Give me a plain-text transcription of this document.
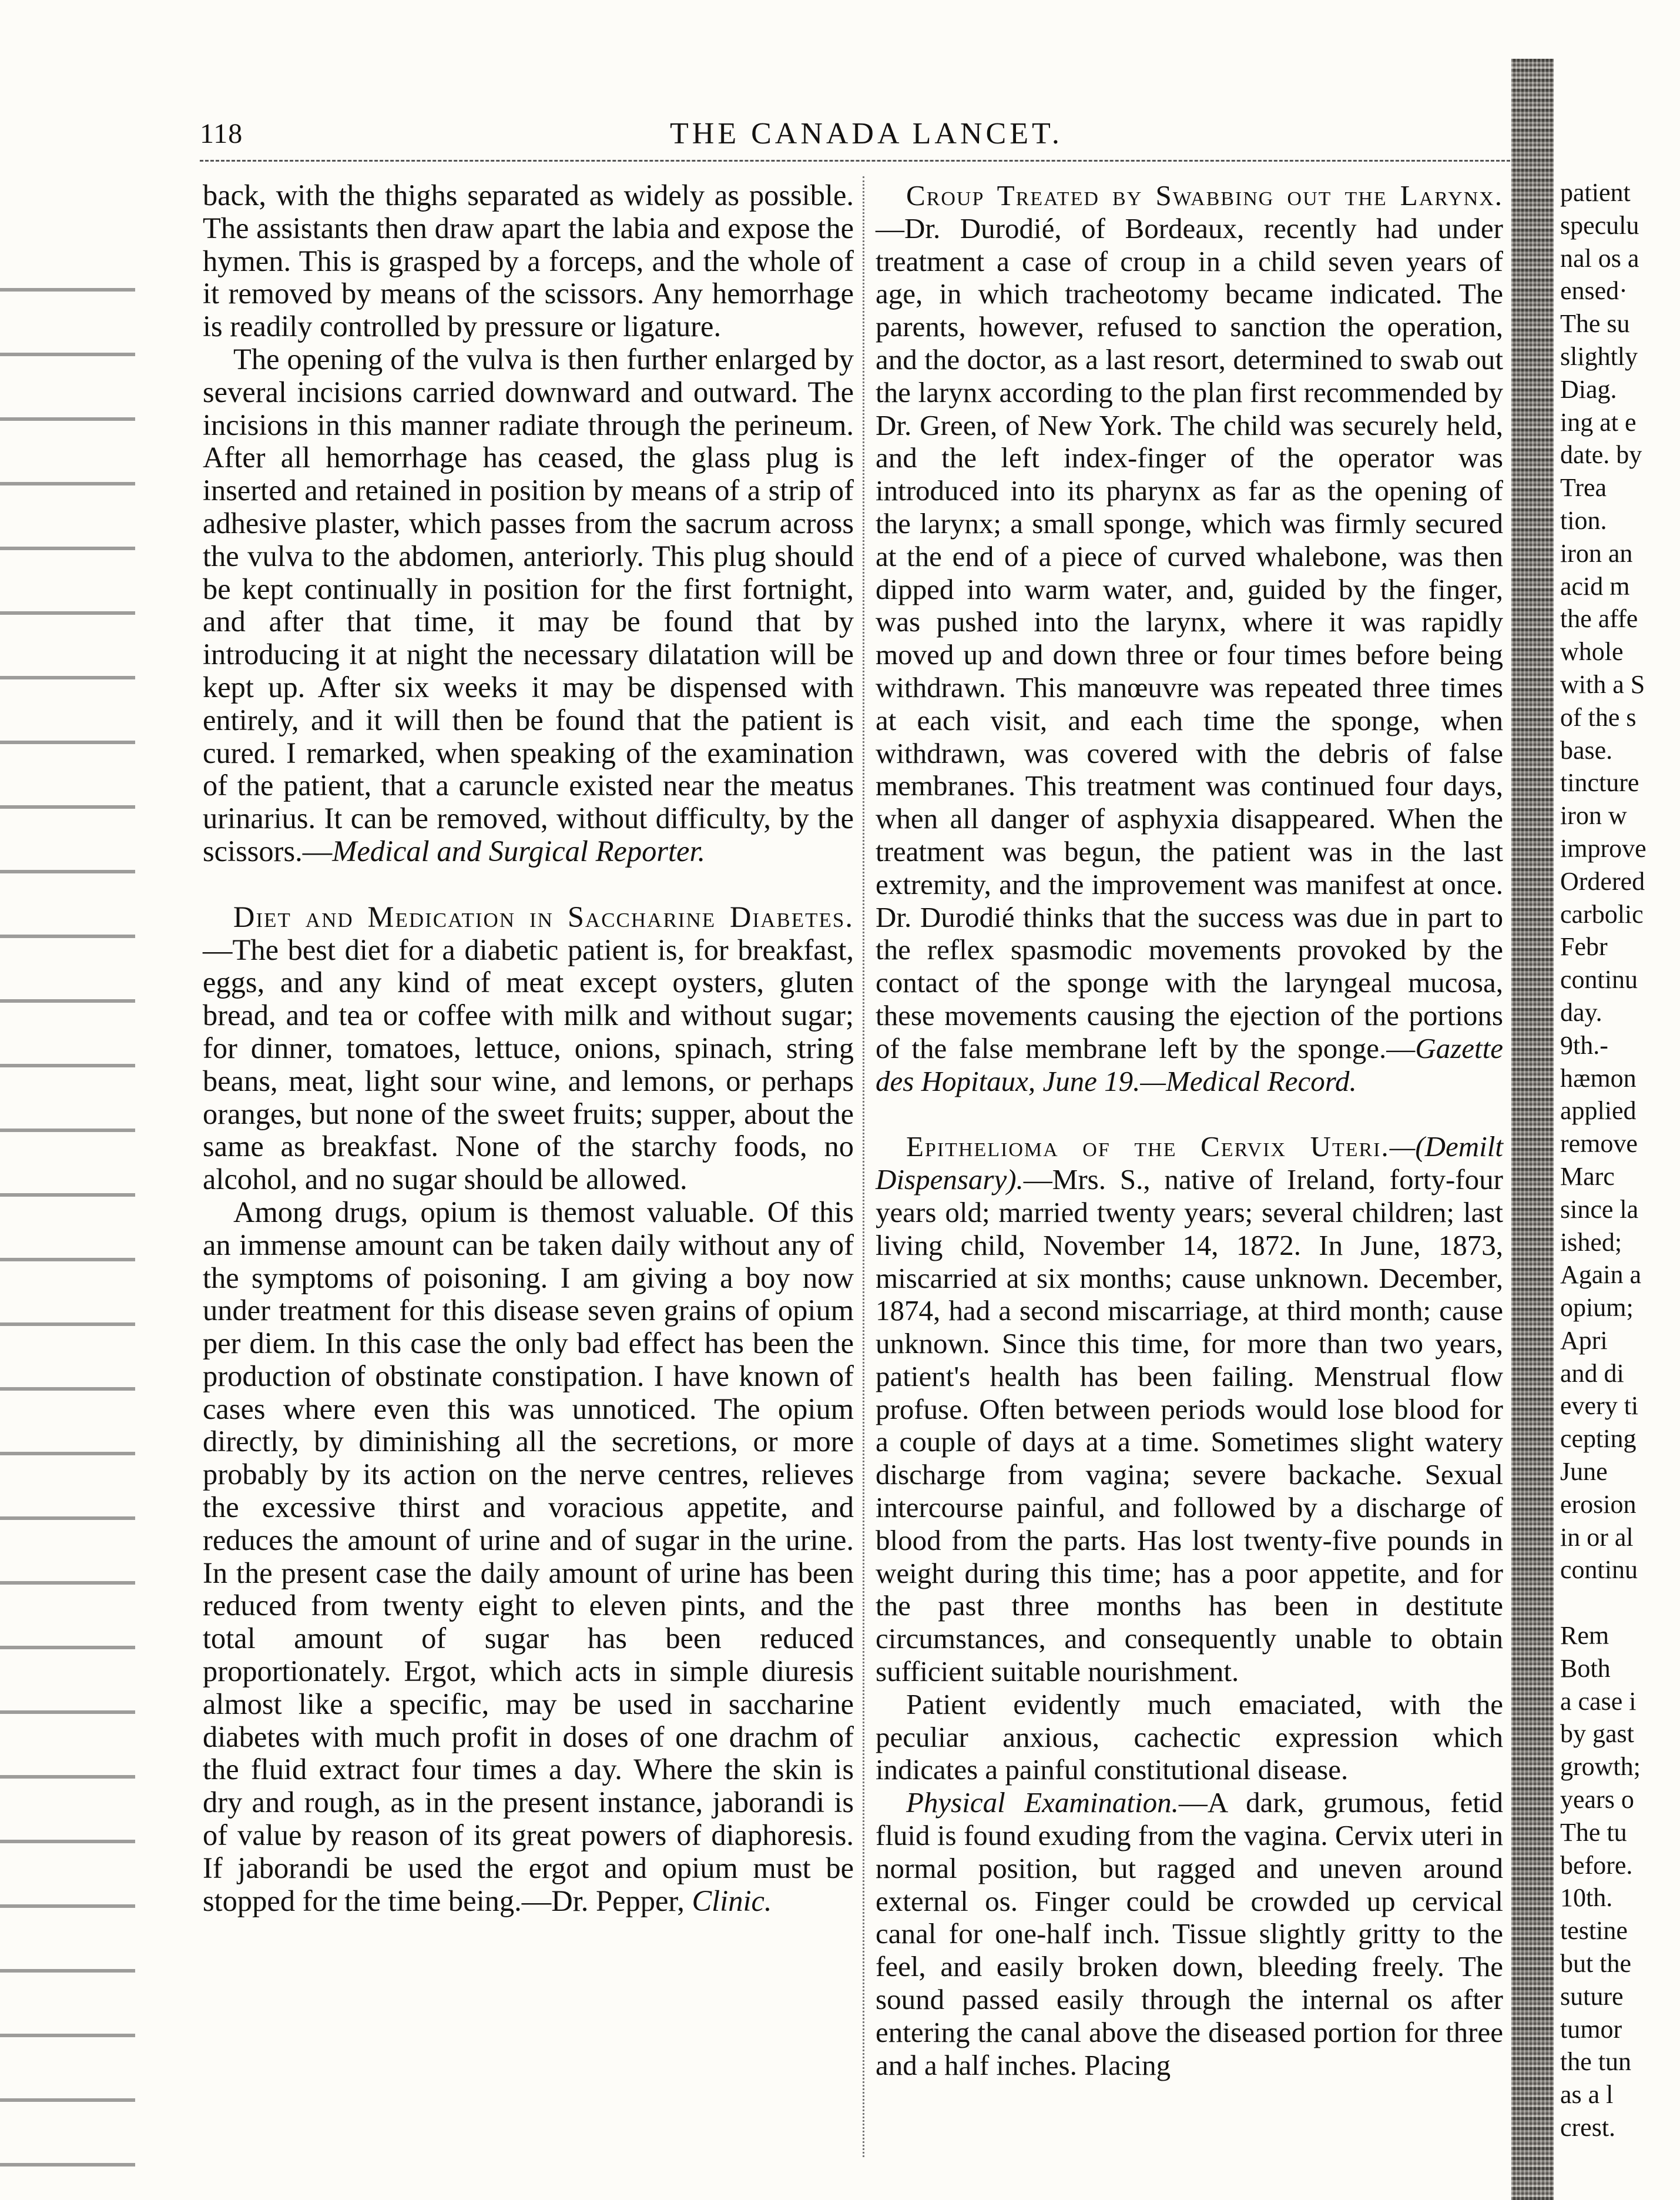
118	THE CANADA LANCET.

back, with the thighs separated as widely as possible. The assistants then draw apart the labia and expose the hymen. This is grasped by a forceps, and the whole of it removed by means of the scissors. Any hemorrhage is readily controlled by pressure or ligature.

The opening of the vulva is then further enlarged by several incisions carried downward and outward. The incisions in this manner radiate through the perineum. After all hemorrhage has ceased, the glass plug is inserted and retained in position by means of a strip of adhesive plaster, which passes from the sacrum across the vulva to the abdomen, anteriorly. This plug should be kept continually in position for the first fortnight, and after that time, it may be found that by introducing it at night the necessary dilatation will be kept up. After six weeks it may be dispensed with entirely, and it will then be found that the patient is cured. I remarked, when speaking of the examination of the patient, that a caruncle existed near the meatus urinarius. It can be removed, without difficulty, by the scissors.—Medical and Surgical Reporter.

Diet and Medication in Saccharine Diabetes.—The best diet for a diabetic patient is, for breakfast, eggs, and any kind of meat except oysters, gluten bread, and tea or coffee with milk and without sugar; for dinner, tomatoes, lettuce, onions, spinach, string beans, meat, light sour wine, and lemons, or perhaps oranges, but none of the sweet fruits; supper, about the same as breakfast. None of the starchy foods, no alcohol, and no sugar should be allowed.

Among drugs, opium is themost valuable. Of this an immense amount can be taken daily without any of the symptoms of poisoning. I am giving a boy now under treatment for this disease seven grains of opium per diem. In this case the only bad effect has been the production of obstinate constipation. I have known of cases where even this was unnoticed. The opium directly, by diminishing all the secretions, or more probably by its action on the nerve centres, relieves the excessive thirst and voracious appetite, and reduces the amount of urine and of sugar in the urine. In the present case the daily amount of urine has been reduced from twenty eight to eleven pints, and the total amount of sugar has been reduced proportionately. Ergot, which acts in simple diuresis almost like a specific, may be used in saccharine diabetes with much profit in doses of one drachm of the fluid extract four times a day. Where the skin is dry and rough, as in the present instance, jaborandi is of value by reason of its great powers of diaphoresis. If jaborandi be used the ergot and opium must be stopped for the time being.—Dr. Pepper, Clinic.

Croup Treated by Swabbing out the Larynx.—Dr. Durodié, of Bordeaux, recently had under treatment a case of croup in a child seven years of age, in which tracheotomy became indicated. The parents, however, refused to sanction the operation, and the doctor, as a last resort, determined to swab out the larynx according to the plan first recommended by Dr. Green, of New York. The child was securely held, and the left index-finger of the operator was introduced into its pharynx as far as the opening of the larynx; a small sponge, which was firmly secured at the end of a piece of curved whalebone, was then dipped into warm water, and, guided by the finger, was pushed into the larynx, where it was rapidly moved up and down three or four times before being withdrawn. This manœuvre was repeated three times at each visit, and each time the sponge, when withdrawn, was covered with the debris of false membranes. This treatment was continued four days, when all danger of asphyxia disappeared. When the treatment was begun, the patient was in the last extremity, and the improvement was manifest at once. Dr. Durodié thinks that the success was due in part to the reflex spasmodic movements provoked by the contact of the sponge with the laryngeal mucosa, these movements causing the ejection of the portions of the false membrane left by the sponge.—Gazette des Hopitaux, June 19.—Medical Record.

Epithelioma of the Cervix Uteri.—(Demilt Dispensary).—Mrs. S., native of Ireland, forty-four years old; married twenty years; several children; last living child, November 14, 1872. In June, 1873, miscarried at six months; cause unknown. December, 1874, had a second miscarriage, at third month; cause unknown. Since this time, for more than two years, patient's health has been failing. Menstrual flow profuse. Often between periods would lose blood for a couple of days at a time. Sometimes slight watery discharge from vagina; severe backache. Sexual intercourse painful, and followed by a discharge of blood from the parts. Has lost twenty-five pounds in weight during this time; has a poor appetite, and for the past three months has been in destitute circumstances, and consequently unable to obtain sufficient suitable nourishment.

Patient evidently much emaciated, with the peculiar anxious, cachectic expression which indicates a painful constitutional disease.

Physical Examination.—A dark, grumous, fetid fluid is found exuding from the vagina. Cervix uteri in normal position, but ragged and uneven around external os. Finger could be crowded up cervical canal for one-half inch. Tissue slightly gritty to the feel, and easily broken down, bleeding freely. The sound passed easily through the internal os after entering the canal above the diseased portion for three and a half inches. Placing

patient
speculu
nal os a
ensed·
The su
slightly
Diag.
ing at e
date. by
Trea
tion.
iron an
acid m
the affe
whole
with a S
of the s
base.
tincture
iron w
improve
Ordered
carbolic
Febr
continu
day.
9th.-
hæmon
applied
remove
Marc
since la
ished;
Again a
opium;
Apri
and di
every ti
cepting
June
erosion
in or al
continu
Rem
Both
a case i
by gast
growth;
years o
The tu
before.
10th.
testine
but the
suture
tumor
the tun
as a l
crest.
